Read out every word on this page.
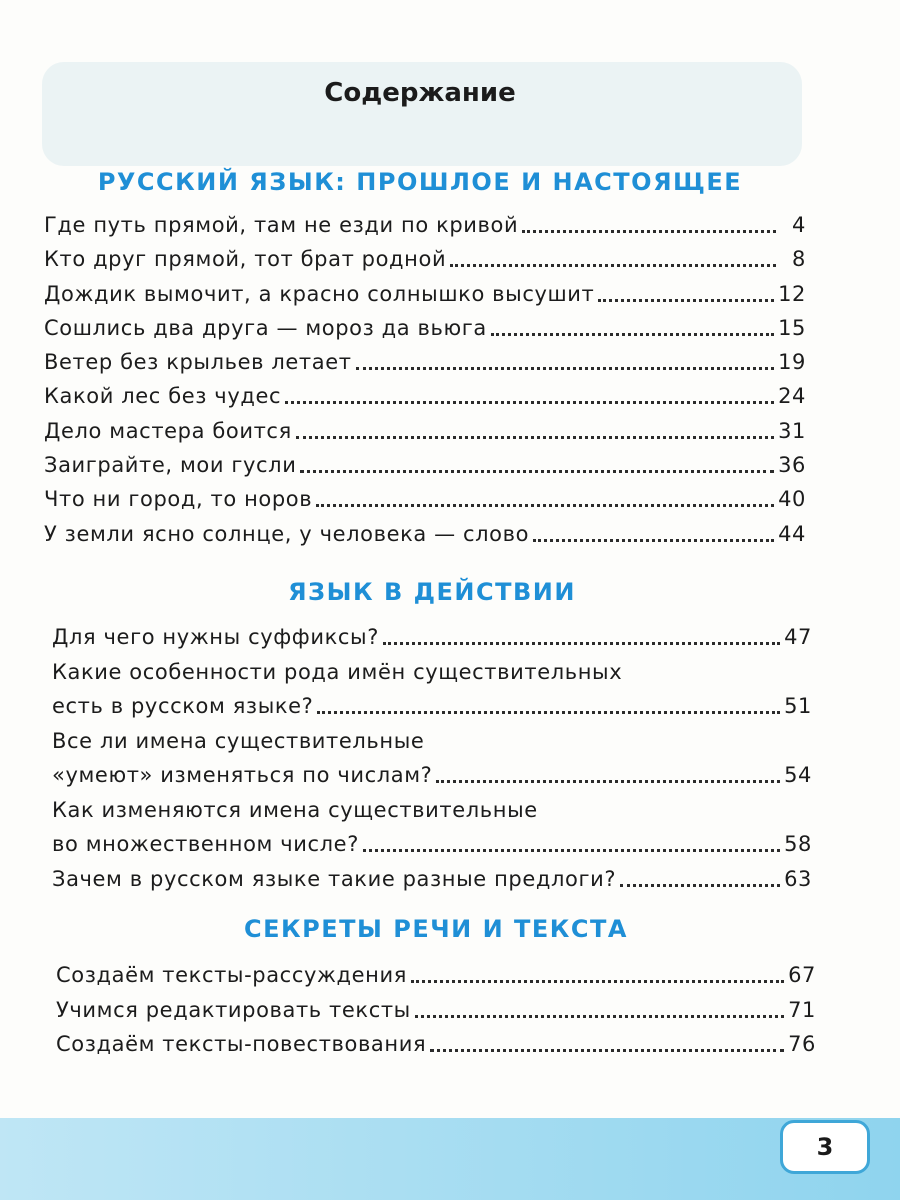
Содержание
РУССКИЙ ЯЗЫК: ПРОШЛОЕ И НАСТОЯЩЕЕ
Где путь прямой, там не езди по кривой	4
Кто друг прямой, тот брат родной	8
Дождик вымочит, а красно солнышко высушит	12
Сошлись два друга — мороз да вьюга	15
Ветер без крыльев летает	19
Какой лес без чудес	24
Дело мастера боится	31
Заиграйте, мои гусли	36
Что ни город, то норов	40
У земли ясно солнце, у человека — слово	44
ЯЗЫК В ДЕЙСТВИИ
Для чего нужны суффиксы?	47
Какие особенности рода имён существительных
есть в русском языке?	51
Все ли имена существительные
«умеют» изменяться по числам?	54
Как изменяются имена существительные
во множественном числе?	58
Зачем в русском языке такие разные предлоги?	63
СЕКРЕТЫ РЕЧИ И ТЕКСТА
Создаём тексты-рассуждения	67
Учимся редактировать тексты	71
Создаём тексты-повествования	76
3
